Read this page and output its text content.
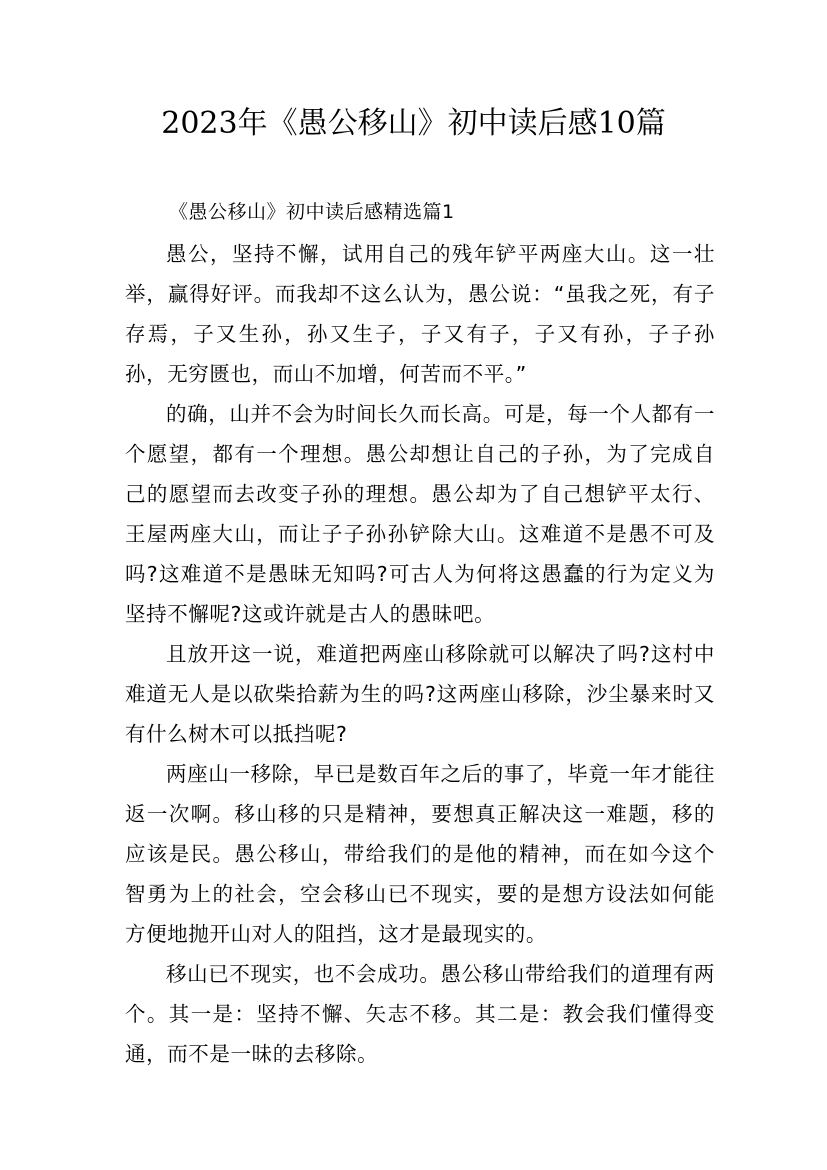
2023年《愚公移山》初中读后感10篇

《愚公移山》初中读后感精选篇1

愚公，坚持不懈，试用自己的残年铲平两座大山。这一壮举，赢得好评。而我却不这么认为，愚公说：“虽我之死，有子存焉，子又生孙，孙又生子，子又有子，子又有孙，子子孙孙，无穷匮也，而山不加增，何苦而不平。”

的确，山并不会为时间长久而长高。可是，每一个人都有一个愿望，都有一个理想。愚公却想让自己的子孙，为了完成自己的愿望而去改变子孙的理想。愚公却为了自己想铲平太行、王屋两座大山，而让子子孙孙铲除大山。这难道不是愚不可及吗?这难道不是愚昧无知吗?可古人为何将这愚蠢的行为定义为坚持不懈呢?这或许就是古人的愚昧吧。

且放开这一说，难道把两座山移除就可以解决了吗?这村中难道无人是以砍柴拾薪为生的吗?这两座山移除，沙尘暴来时又有什么树木可以抵挡呢?

两座山一移除，早已是数百年之后的事了，毕竟一年才能往返一次啊。移山移的只是精神，要想真正解决这一难题，移的应该是民。愚公移山，带给我们的是他的精神，而在如今这个智勇为上的社会，空会移山已不现实，要的是想方设法如何能方便地抛开山对人的阻挡，这才是最现实的。

移山已不现实，也不会成功。愚公移山带给我们的道理有两个。其一是：坚持不懈、矢志不移。其二是：教会我们懂得变通，而不是一昧的去移除。
